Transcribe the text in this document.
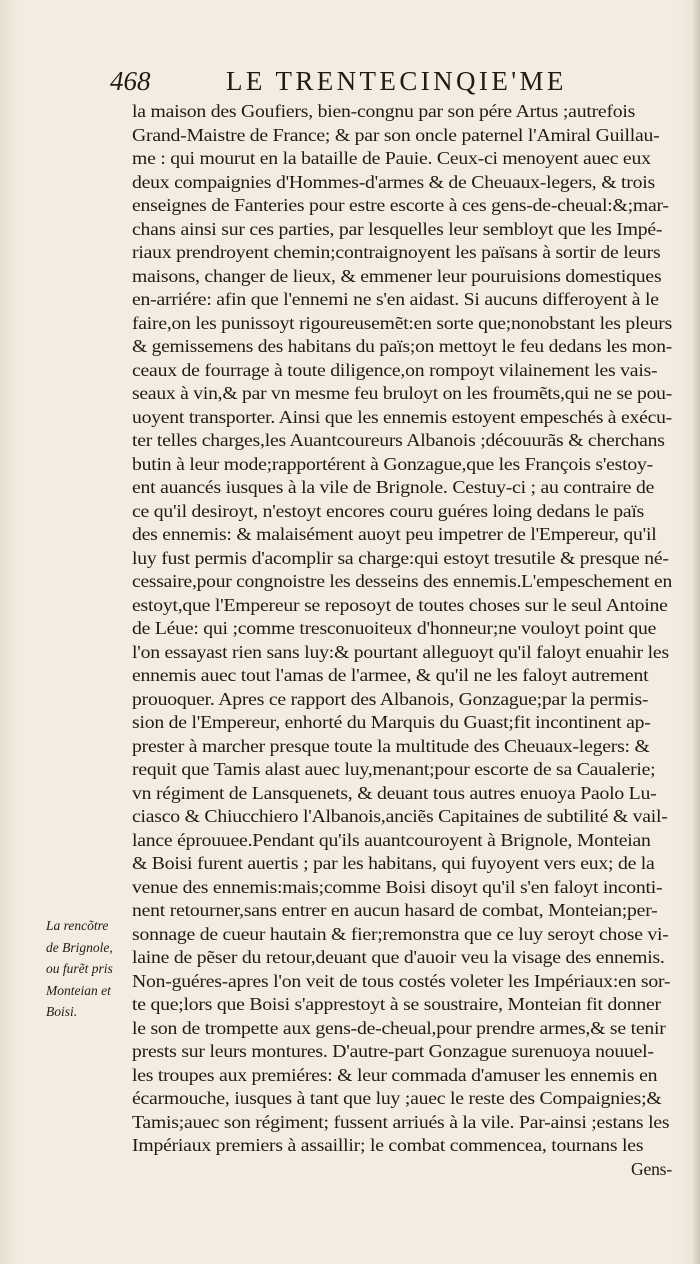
468	LE TRENTECINQIE'ME
La rencõtre
de Brignole,
ou furẽt pris
Monteian et
Boisi.
la maison des Goufiers, bien-congnu par son pére Artus ;autrefois
Grand-Maistre de France; & par son oncle paternel l'Amiral Guillau-
me : qui mourut en la bataille de Pauie. Ceux-ci menoyent auec eux
deux compaignies d'Hommes-d'armes & de Cheuaux-legers, & trois
enseignes de Fanteries pour estre escorte à ces gens-de-cheual:&;mar-
chans ainsi sur ces parties, par lesquelles leur sembloyt que les Impé-
riaux prendroyent chemin;contraignoyent les païsans à sortir de leurs
maisons, changer de lieux, & emmener leur pouruisions domestiques
en-arriére: afin que l'ennemi ne s'en aidast. Si aucuns differoyent à le
faire,on les punissoyt rigoureusemẽt:en sorte que;nonobstant les pleurs
& gemissemens des habitans du païs;on mettoyt le feu dedans les mon-
ceaux de fourrage à toute diligence,on rompoyt vilainement les vais-
seaux à vin,& par vn mesme feu bruloyt on les froumẽts,qui ne se pou-
uoyent transporter. Ainsi que les ennemis estoyent empeschés à exécu-
ter telles charges,les Auantcoureurs Albanois ;découurãs & cherchans
butin à leur mode;rapportérent à Gonzague,que les François s'estoy-
ent auancés iusques à la vile de Brignole. Cestuy-ci ; au contraire de
ce qu'il desiroyt, n'estoyt encores couru guéres loing dedans le païs
des ennemis: & malaisément auoyt peu impetrer de l'Empereur, qu'il
luy fust permis d'acomplir sa charge:qui estoyt tresutile & presque né-
cessaire,pour congnoistre les desseins des ennemis.L'empeschement en
estoyt,que l'Empereur se reposoyt de toutes choses sur le seul Antoine
de Léue: qui ;comme tresconuoiteux d'honneur;ne vouloyt point que
l'on essayast rien sans luy:& pourtant alleguoyt qu'il faloyt enuahir les
ennemis auec tout l'amas de l'armee, & qu'il ne les faloyt autrement
prouoquer. Apres ce rapport des Albanois, Gonzague;par la permis-
sion de l'Empereur, enhorté du Marquis du Guast;fit incontinent ap-
prester à marcher presque toute la multitude des Cheuaux-legers: &
requit que Tamis alast auec luy,menant;pour escorte de sa Caualerie;
vn régiment de Lansquenets, & deuant tous autres enuoya Paolo Lu-
ciasco & Chiucchiero l'Albanois,anciẽs Capitaines de subtilité & vail-
lance éprouuee.Pendant qu'ils auantcouroyent à Brignole, Monteian
& Boisi furent auertis ; par les habitans, qui fuyoyent vers eux; de la
venue des ennemis:mais;comme Boisi disoyt qu'il s'en faloyt inconti-
nent retourner,sans entrer en aucun hasard de combat, Monteian;per-
sonnage de cueur hautain & fier;remonstra que ce luy seroyt chose vi-
laine de pẽser du retour,deuant que d'auoir veu la visage des ennemis.
Non-guéres-apres l'on veit de tous costés voleter les Impériaux:en sor-
te que;lors que Boisi s'apprestoyt à se soustraire, Monteian fit donner
le son de trompette aux gens-de-cheual,pour prendre armes,& se tenir
prests sur leurs montures. D'autre-part Gonzague surenuoya nouuel-
les troupes aux premiéres: & leur commada d'amuser les ennemis en
écarmouche, iusques à tant que luy ;auec le reste des Compaignies;&
Tamis;auec son régiment; fussent arriués à la vile. Par-ainsi ;estans les
Impériaux premiers à assaillir; le combat commencea, tournans les
Gens-
